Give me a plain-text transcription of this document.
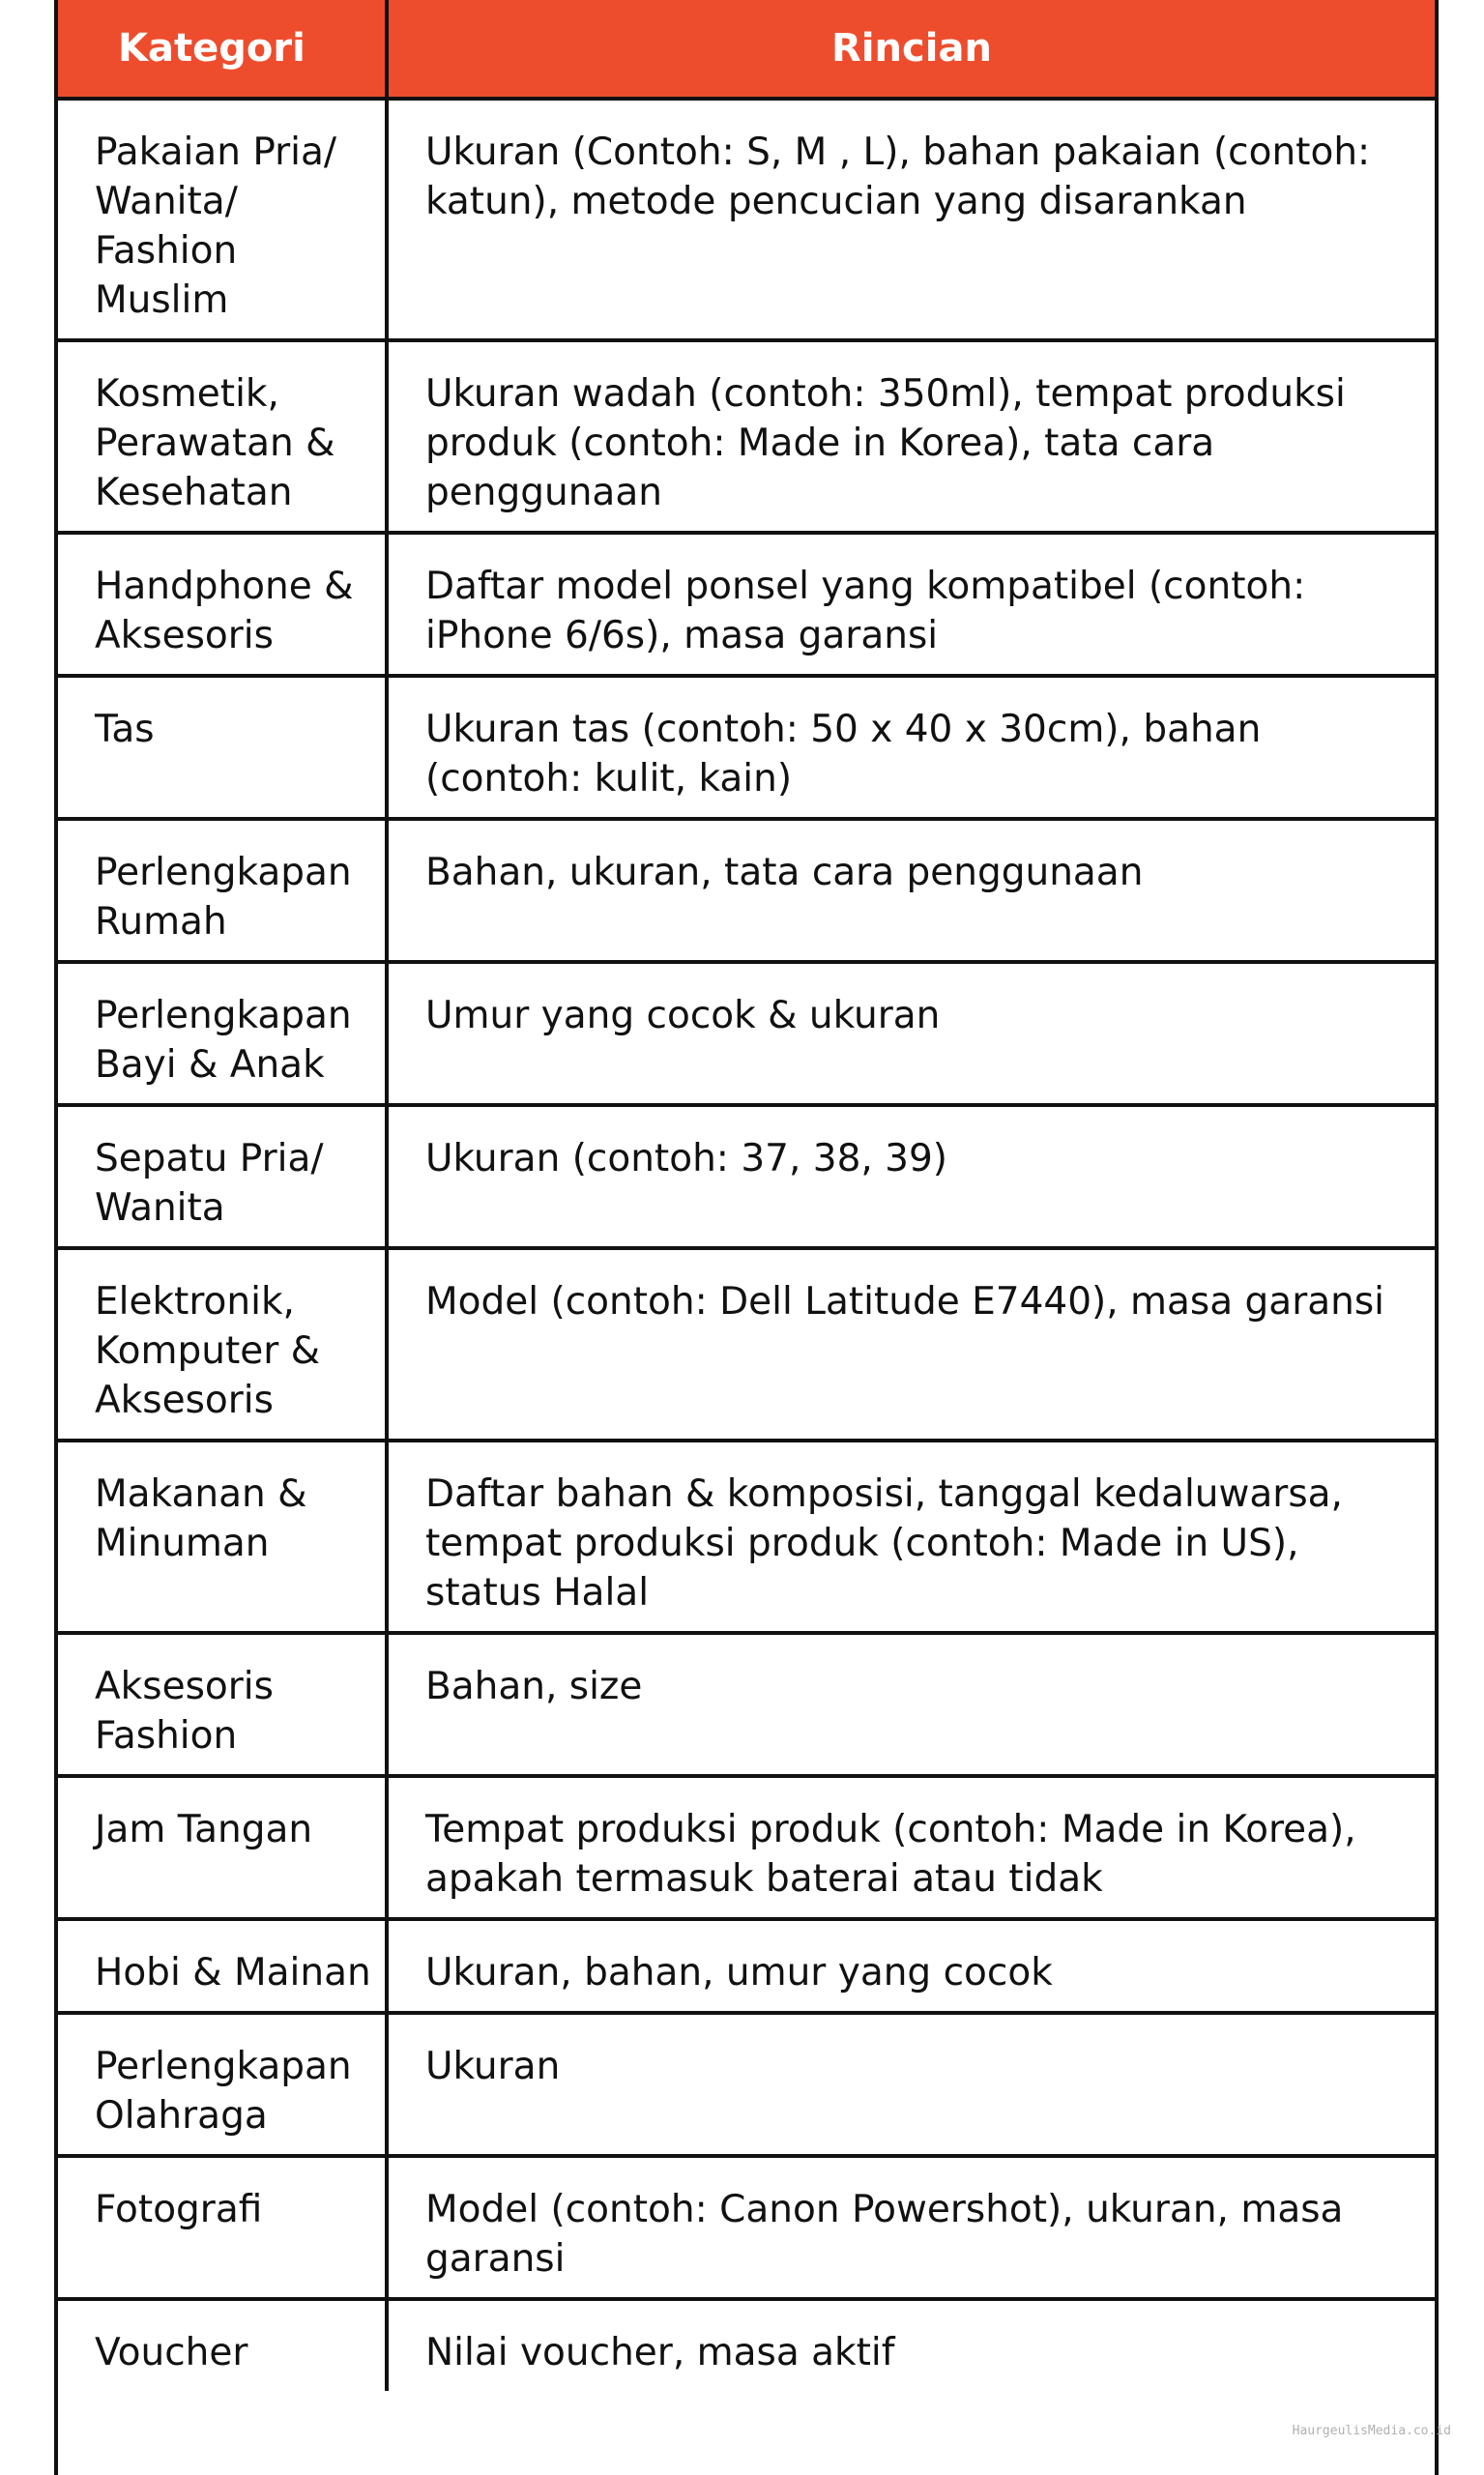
Kategori	Rincian
Pakaian Pria/ Wanita/ Fashion Muslim	Ukuran (Contoh: S, M , L), bahan pakaian (contoh: katun), metode pencucian yang disarankan
Kosmetik, Perawatan & Kesehatan	Ukuran wadah (contoh: 350ml), tempat produksi produk (contoh: Made in Korea), tata cara penggunaan
Handphone & Aksesoris	Daftar model ponsel yang kompatibel (contoh: iPhone 6/6s), masa garansi
Tas	Ukuran tas (contoh: 50 x 40 x 30cm), bahan (contoh: kulit, kain)
Perlengkapan Rumah	Bahan, ukuran, tata cara penggunaan
Perlengkapan Bayi & Anak	Umur yang cocok & ukuran
Sepatu Pria/ Wanita	Ukuran (contoh: 37, 38, 39)
Elektronik, Komputer & Aksesoris	Model (contoh: Dell Latitude E7440), masa garansi
Makanan & Minuman	Daftar bahan & komposisi, tanggal kedaluwarsa, tempat produksi produk (contoh: Made in US), status Halal
Aksesoris Fashion	Bahan, size
Jam Tangan	Tempat produksi produk (contoh: Made in Korea), apakah termasuk baterai atau tidak
Hobi & Mainan	Ukuran, bahan, umur yang cocok
Perlengkapan Olahraga	Ukuran
Fotografi	Model (contoh: Canon Powershot), ukuran, masa garansi
Voucher	Nilai voucher, masa aktif
HaurgeulisMedia.co.id
